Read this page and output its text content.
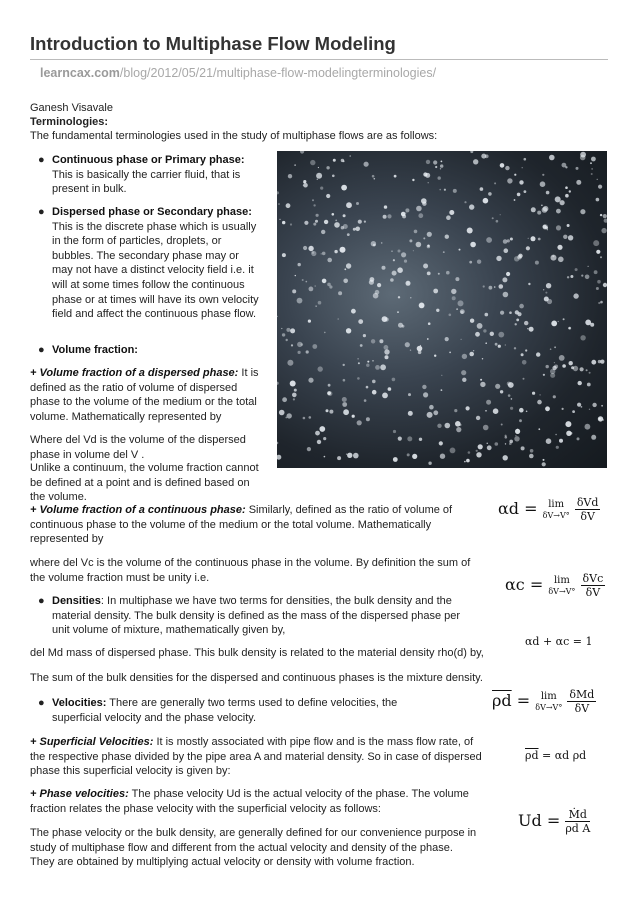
Introduction to Multiphase Flow Modeling
learncax.com/blog/2012/05/21/multiphase-flow-modelingterminologies/
Ganesh Visavale
Terminologies:
The fundamental terminologies used in the study of multiphase flows are as follows:
● Continuous phase or Primary phase: This is basically the carrier fluid, that is present in bulk.
● Dispersed phase or Secondary phase: This is the discrete phase which is usually in the form of particles, droplets, or bubbles. The secondary phase may or may not have a distinct velocity field i.e. it will at some times follow the continuous phase or at times will have its own velocity field and affect the continuous phase flow.
● Volume fraction:
+ Volume fraction of a dispersed phase: It is defined as the ratio of volume of dispersed phase to the volume of the medium or the total volume. Mathematically represented by
Where del Vd is the volume of the dispersed phase in volume del V .
Unlike a continuum, the volume fraction cannot be defined at a point and is defined based on the volume.
+ Volume fraction of a continuous phase: Similarly, defined as the ratio of volume of continuous phase to the volume of the medium or the total volume. Mathematically represented by
where del Vc is the volume of the continuous phase in the volume. By definition the sum of the volume fraction must be unity i.e.
● Densities: In multiphase we have two terms for densities, the bulk density and the material density. The bulk density is defined as the mass of the dispersed phase per unit volume of mixture, mathematically given by,
del Md mass of dispersed phase. This bulk density is related to the material density rho(d) by,
The sum of the bulk densities for the dispersed and continuous phases is the mixture density.
● Velocities: There are generally two terms used to define velocities, the superficial velocity and the phase velocity.
+ Superficial Velocities: It is mostly associated with pipe flow and is the mass flow rate, of the respective phase divided by the pipe area A and material density. So in case of dispersed phase this superficial velocity is given by:
+ Phase velocities: The phase velocity Ud is the actual velocity of the phase. The volume fraction relates the phase velocity with the superficial velocity as follows:
The phase velocity or the bulk density, are generally defined for our convenience purpose in study of multiphase flow and different from the actual velocity and density of the phase. They are obtained by multiplying actual velocity or density with volume fraction.
αd = lim
δV→V°
$\frac{\text{δVd}}{\delta V}$
αc = lim
δV→V°
$\frac{\text{δVc}}{\delta V}$
αd + αc = 1
$\overline{\rho d} = \lim$
δV→V°
$\frac{\text{δMd}}{\delta V}$
$\overline{\rho d} = \alpha d$ ρd
$Ud = \frac{\text{Ṁd}}{\text{ρd A}}$
